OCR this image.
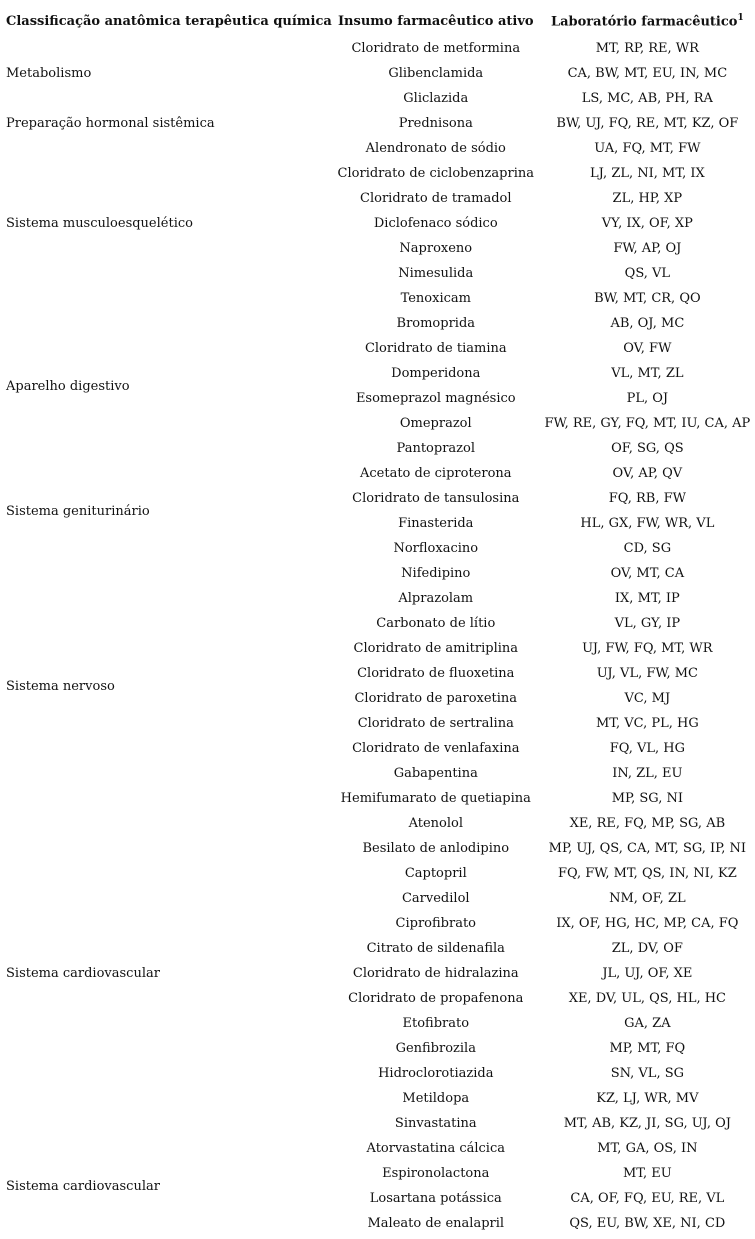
Classificação anatômica terapêutica química	Insumo farmacêutico ativo	Laboratório farmacêutico$^1$
Metabolismo	Cloridrato de metformina	MT, RP, RE, WR
	Glibenclamida	CA, BW, MT, EU, IN, MC
	Gliclazida	LS, MC, AB, PH, RA
Preparação hormonal sistêmica	Prednisona	BW, UJ, FQ, RE, MT, KZ, OF
Sistema musculoesquelético	Alendronato de sódio	UA, FQ, MT, FW
	Cloridrato de ciclobenzaprina	LJ, ZL, NI, MT, IX
	Cloridrato de tramadol	ZL, HP, XP
	Diclofenaco sódico	VY, IX, OF, XP
	Naproxeno	FW, AP, OJ
	Nimesulida	QS, VL
	Tenoxicam	BW, MT, CR, QO
Aparelho digestivo	Bromoprida	AB, OJ, MC
	Cloridrato de tiamina	OV, FW
	Domperidona	VL, MT, ZL
	Esomeprazol magnésico	PL, OJ
	Omeprazol	FW, RE, GY, FQ, MT, IU, CA, AP
	Pantoprazol	OF, SG, QS
Sistema geniturinário	Acetato de ciproterona	OV, AP, QV
	Cloridrato de tansulosina	FQ, RB, FW
	Finasterida	HL, GX, FW, WR, VL
	Norfloxacino	CD, SG
Sistema nervoso	Nifedipino	OV, MT, CA
	Alprazolam	IX, MT, IP
	Carbonato de lítio	VL, GY, IP
	Cloridrato de amitriplina	UJ, FW, FQ, MT, WR
	Cloridrato de fluoxetina	UJ, VL, FW, MC
	Cloridrato de paroxetina	VC, MJ
	Cloridrato de sertralina	MT, VC, PL, HG
	Cloridrato de venlafaxina	FQ, VL, HG
	Gabapentina	IN, ZL, EU
	Hemifumarato de quetiapina	MP, SG, NI
Sistema cardiovascular	Atenolol	XE, RE, FQ, MP, SG, AB
	Besilato de anlodipino	MP, UJ, QS, CA, MT, SG, IP, NI
	Captopril	FQ, FW, MT, QS, IN, NI, KZ
	Carvedilol	NM, OF, ZL
	Ciprofibrato	IX, OF, HG, HC, MP, CA, FQ
	Citrato de sildenafila	ZL, DV, OF
	Cloridrato de hidralazina	JL, UJ, OF, XE
	Cloridrato de propafenona	XE, DV, UL, QS, HL, HC
	Etofibrato	GA, ZA
	Genfibrozila	MP, MT, FQ
	Hidroclorotiazida	SN, VL, SG
	Metildopa	KZ, LJ, WR, MV
	Sinvastatina	MT, AB, KZ, JI, SG, UJ, OJ
Sistema cardiovascular	Atorvastatina cálcica	MT, GA, OS, IN
	Espironolactona	MT, EU
	Losartana potássica	CA, OF, FQ, EU, RE, VL
	Maleato de enalapril	QS, EU, BW, XE, NI, CD
